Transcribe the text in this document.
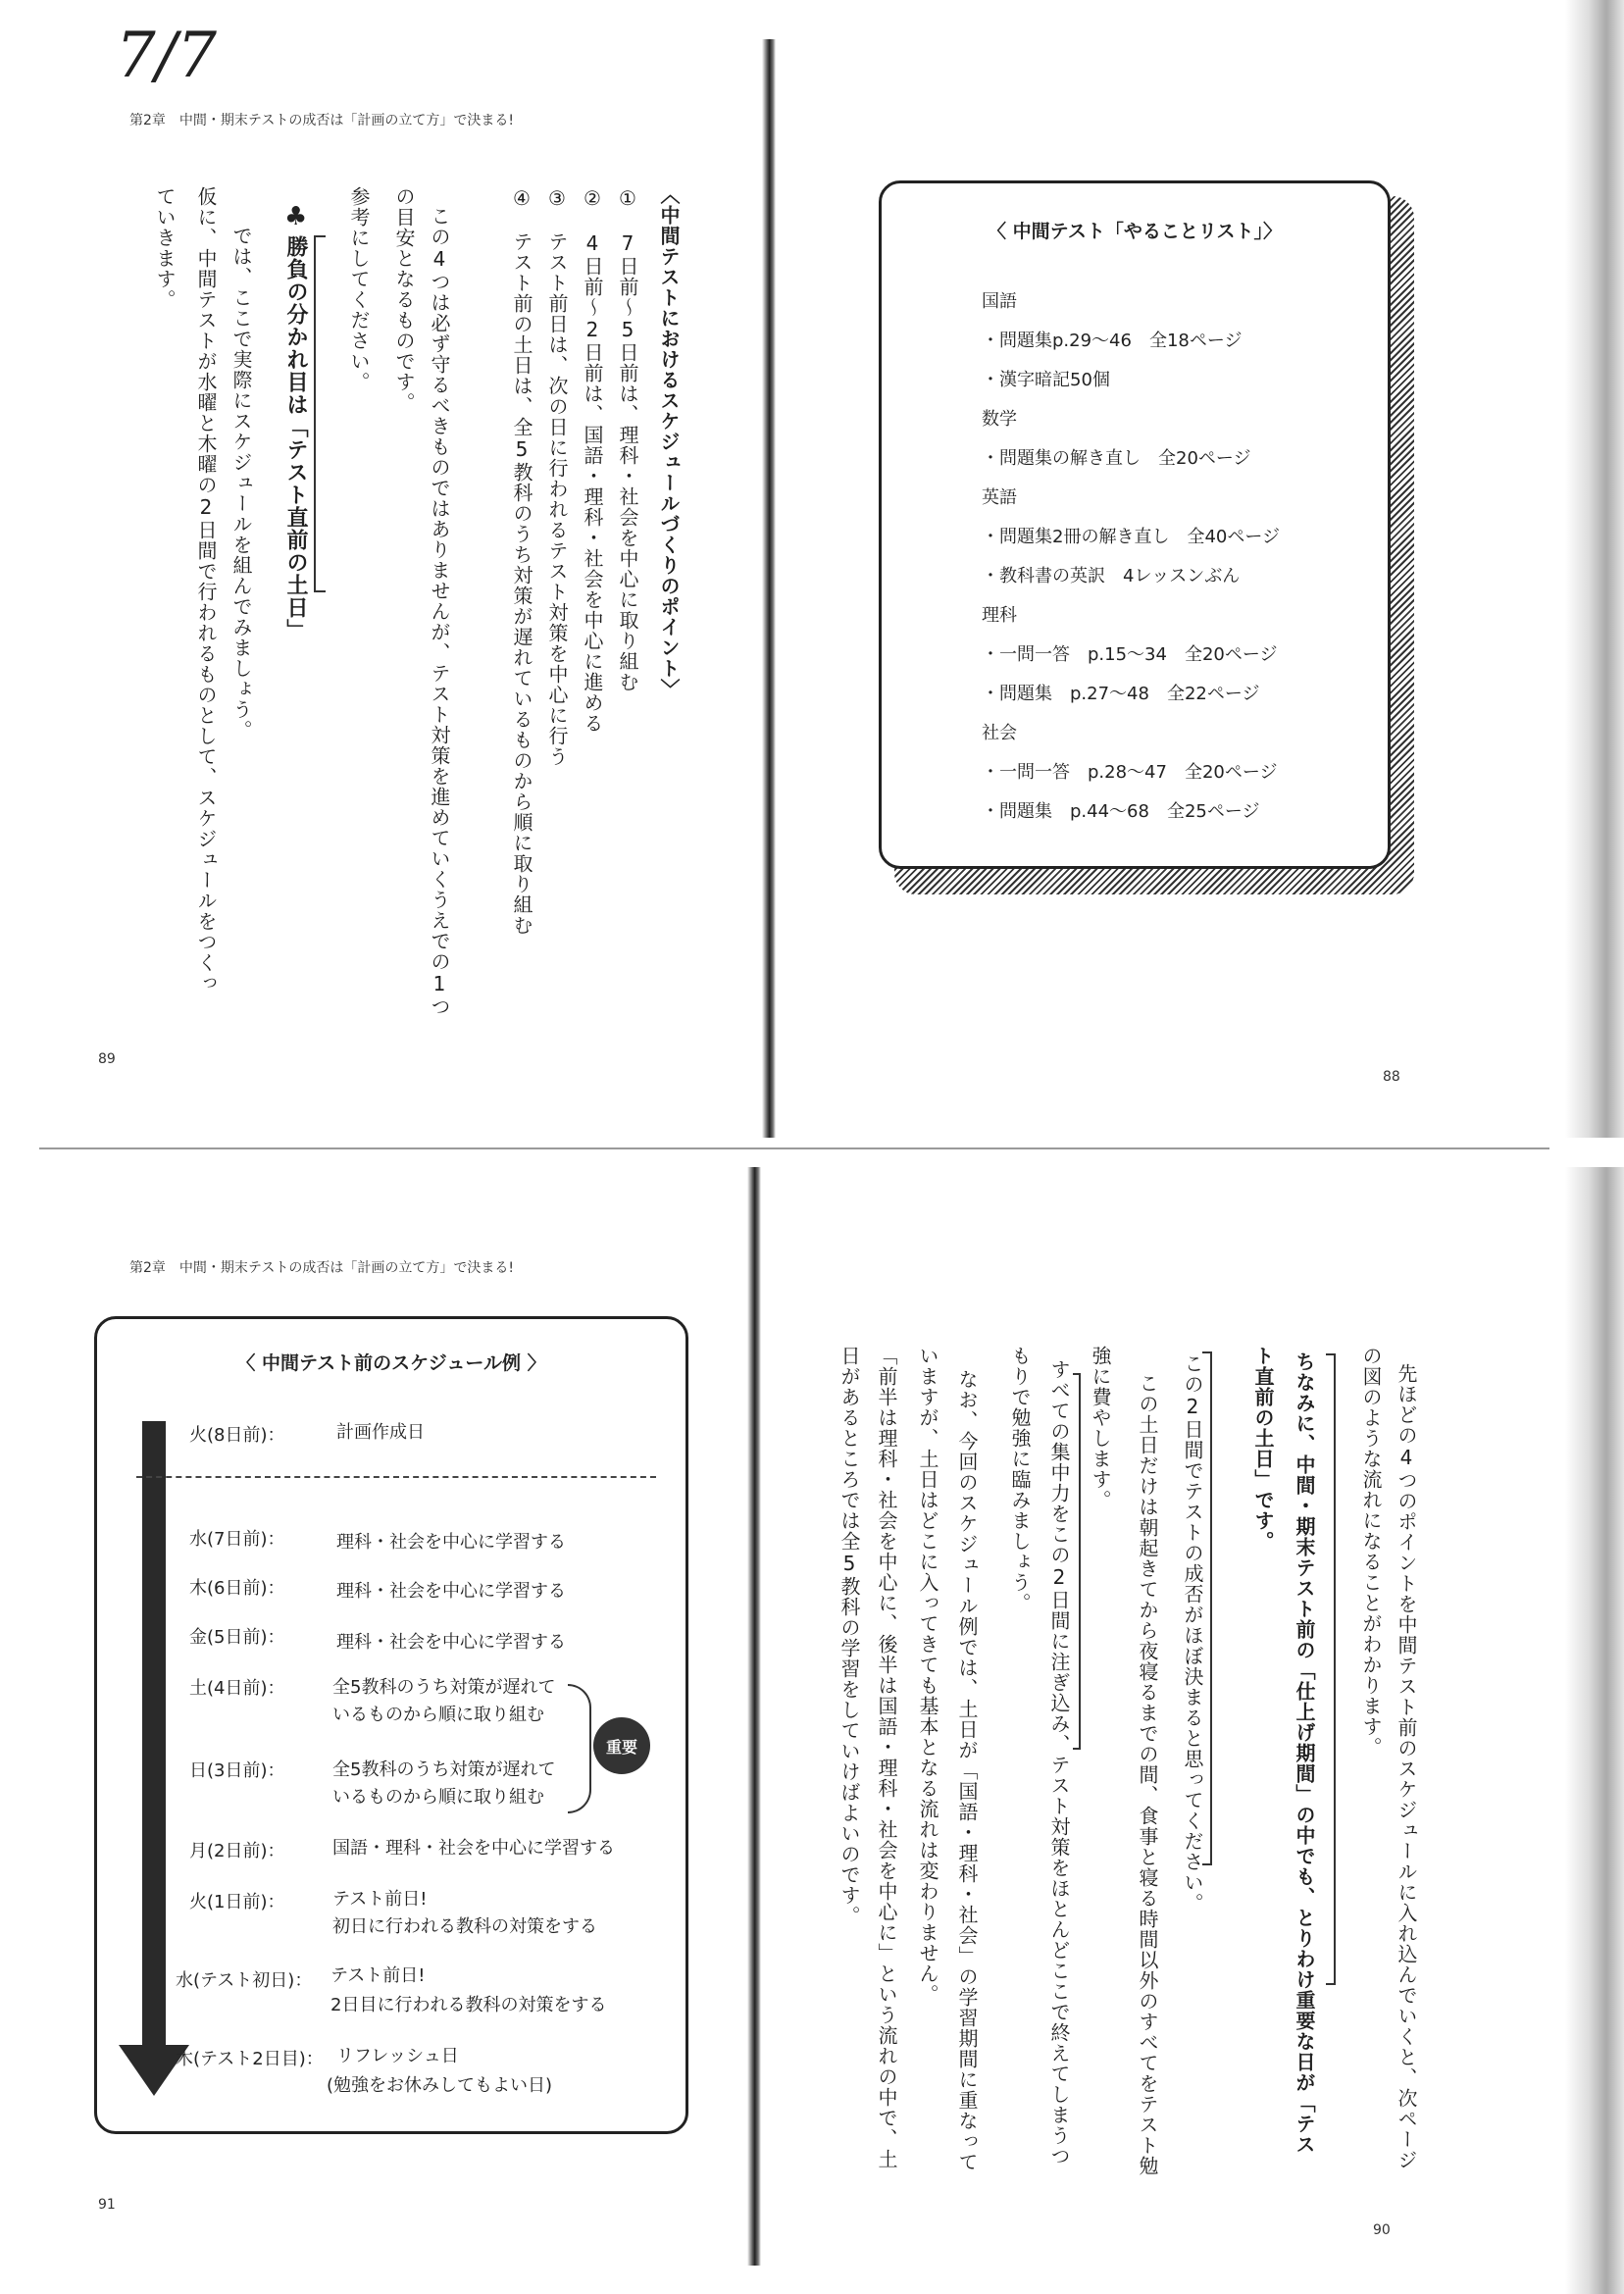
7/7
第2章　中間・期末テストの成否は「計画の立て方」で決まる!
〈中間テストにおけるスケジュールづくりのポイント〉
①　7日前～5日前は、理科・社会を中心に取り組む
②　4日前～2日前は、国語・理科・社会を中心に進める
③　テスト前日は、次の日に行われるテスト対策を中心に行う
④　テスト前の土日は、全5教科のうち対策が遅れているものから順に取り組む
この4つは必ず守るべきものではありませんが、テスト対策を進めていくうえでの1つ
の目安となるものです。
参考にしてください。
♣
勝負の分かれ目は「テスト直前の土日」
では、ここで実際にスケジュールを組んでみましょう。
仮に、中間テストが水曜と木曜の2日間で行われるものとして、スケジュールをつくっ
ていきます。
89
〈 中間テスト「やることリスト」〉
国語
・問題集p.29～46　全18ページ
・漢字暗記50個
数学
・問題集の解き直し　全20ページ
英語
・問題集2冊の解き直し　全40ページ
・教科書の英訳　4レッスンぶん
理科
・一問一答　p.15～34　全20ページ
・問題集　p.27～48　全22ページ
社会
・一問一答　p.28～47　全20ページ
・問題集　p.44～68　全25ページ
88
第2章　中間・期末テストの成否は「計画の立て方」で決まる!
〈 中間テスト前のスケジュール例 〉
火(8日前)：	計画作成日
水(7日前)：	理科・社会を中心に学習する
木(6日前)：	理科・社会を中心に学習する
金(5日前)：	理科・社会を中心に学習する
土(4日前)：	全5教科のうち対策が遅れて
いるものから順に取り組む
日(3日前)：	全5教科のうち対策が遅れて
いるものから順に取り組む
重要
月(2日前)：	国語・理科・社会を中心に学習する
火(1日前)：	テスト前日!
初日に行われる教科の対策をする
水(テスト初日)： テスト前日!
2日目に行われる教科の対策をする
木(テスト2日目)： リフレッシュ日
(勉強をお休みしてもよい日)
91
先ほどの4つのポイントを中間テスト前のスケジュールに入れ込んでいくと、次ページ
の図のような流れになることがわかります。
ちなみに、中間・期末テスト前の「仕上げ期間」の中でも、とりわけ重要な日が「テス
ト直前の土日」です。
この2日間でテストの成否がほぼ決まると思ってください。
この土日だけは朝起きてから夜寝るまでの間、食事と寝る時間以外のすべてをテスト勉
強に費やします。
すべての集中力をこの2日間に注ぎ込み、テスト対策をほとんどここで終えてしまうつ
もりで勉強に臨みましょう。
なお、今回のスケジュール例では、土日が「国語・理科・社会」の学習期間に重なって
いますが、土日はどこに入ってきても基本となる流れは変わりません。
「前半は理科・社会を中心に、後半は国語・理科・社会を中心に」という流れの中で、土
日があるところでは全5教科の学習をしていけばよいのです。
90
